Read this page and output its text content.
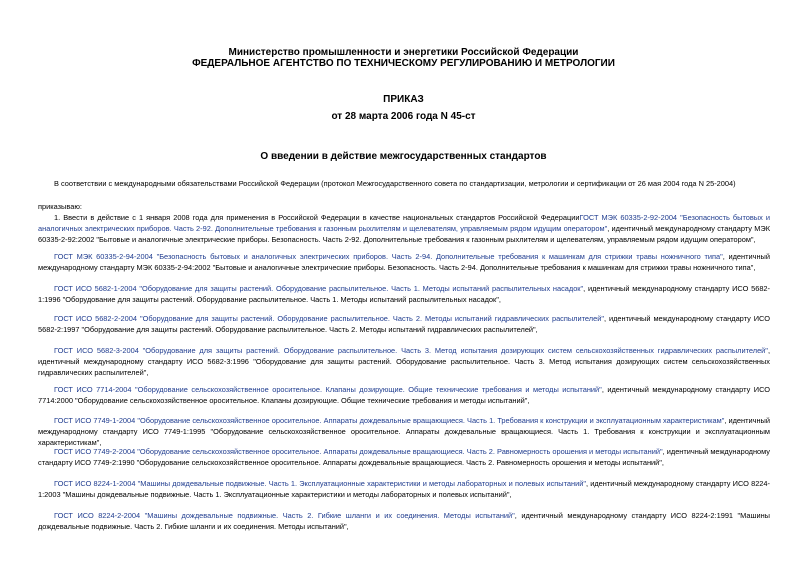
Министерство промышленности и энергетики Российской Федерации
ФЕДЕРАЛЬНОЕ АГЕНТСТВО ПО ТЕХНИЧЕСКОМУ РЕГУЛИРОВАНИЮ И МЕТРОЛОГИИ
ПРИКАЗ
от 28 марта 2006 года N 45-ст
О введении в действие межгосударственных стандартов
В соответствии с международными обязательствами Российской Федерации (протокол Межгосударственного совета по стандартизации, метрологии и сертификации от 26 мая 2004 года N 25-2004)
приказываю:
1. Ввести в действие с 1 января 2008 года для применения в Российской Федерации в качестве национальных стандартов Российской ФедерацииГОСТ МЭК 60335-2-92-2004 "Безопасность бытовых и аналогичных электрических приборов. Часть 2-92. Дополнительные требования к газонным рыхлителям и щелевателям, управляемым рядом идущим оператором", идентичный международному стандарту МЭК 60335-2-92:2002 "Бытовые и аналогичные электрические приборы. Безопасность. Часть 2-92. Дополнительные требования к газонным рыхлителям и щелевателям, управляемым рядом идущим оператором",
ГОСТ МЭК 60335-2-94-2004 "Безопасность бытовых и аналогичных электрических приборов. Часть 2-94. Дополнительные требования к машинкам для стрижки травы ножничного типа", идентичный международному стандарту МЭК 60335-2-94:2002 "Бытовые и аналогичные электрические приборы. Безопасность. Часть 2-94. Дополнительные требования к машинкам для стрижки травы ножничного типа",
ГОСТ ИСО 5682-1-2004 "Оборудование для защиты растений. Оборудование распылительное. Часть 1. Методы испытаний распылительных насадок", идентичный международному стандарту ИСО 5682-1:1996 "Оборудование для защиты растений. Оборудование распылительное. Часть 1. Методы испытаний распылительных насадок",
ГОСТ ИСО 5682-2-2004 "Оборудование для защиты растений. Оборудование распылительное. Часть 2. Методы испытаний гидравлических распылителей", идентичный международному стандарту ИСО 5682-2:1997 "Оборудование для защиты растений. Оборудование распылительное. Часть 2. Методы испытаний гидравлических распылителей",
ГОСТ ИСО 5682-3-2004 "Оборудование для защиты растений. Оборудование распылительное. Часть 3. Метод испытания дозирующих систем сельскохозяйственных гидравлических распылителей", идентичный международному стандарту ИСО 5682-3:1996 "Оборудование для защиты растений. Оборудование распылительное. Часть 3. Метод испытания дозирующих систем сельскохозяйственных гидравлических распылителей",
ГОСТ ИСО 7714-2004 "Оборудование сельскохозяйственное оросительное. Клапаны дозирующие. Общие технические требования и методы испытаний", идентичный международному стандарту ИСО 7714:2000 "Оборудование сельскохозяйственное оросительное. Клапаны дозирующие. Общие технические требования и методы испытаний",
ГОСТ ИСО 7749-1-2004 "Оборудование сельскохозяйственное оросительное. Аппараты дождевальные вращающиеся. Часть 1. Требования к конструкции и эксплуатационным характеристикам", идентичный международному стандарту ИСО 7749-1:1995 "Оборудование сельскохозяйственное оросительное. Аппараты дождевальные вращающиеся. Часть 1. Требования к конструкции и эксплуатационным характеристикам",
ГОСТ ИСО 7749-2-2004 "Оборудование сельскохозяйственное оросительное. Аппараты дождевальные вращающиеся. Часть 2. Равномерность орошения и методы испытаний", идентичный международному стандарту ИСО 7749-2:1990 "Оборудование сельскохозяйственное оросительное. Аппараты дождевальные вращающиеся. Часть 2. Равномерность орошения и методы испытаний",
ГОСТ ИСО 8224-1-2004 "Машины дождевальные подвижные. Часть 1. Эксплуатационные характеристики и методы лабораторных и полевых испытаний", идентичный международному стандарту ИСО 8224-1:2003 "Машины дождевальные подвижные. Часть 1. Эксплуатационные характеристики и методы лабораторных и полевых испытаний",
ГОСТ ИСО 8224-2-2004 "Машины дождевальные подвижные. Часть 2. Гибкие шланги и их соединения. Методы испытаний", идентичный международному стандарту ИСО 8224-2:1991 "Машины дождевальные подвижные. Часть 2. Гибкие шланги и их соединения. Методы испытаний",
